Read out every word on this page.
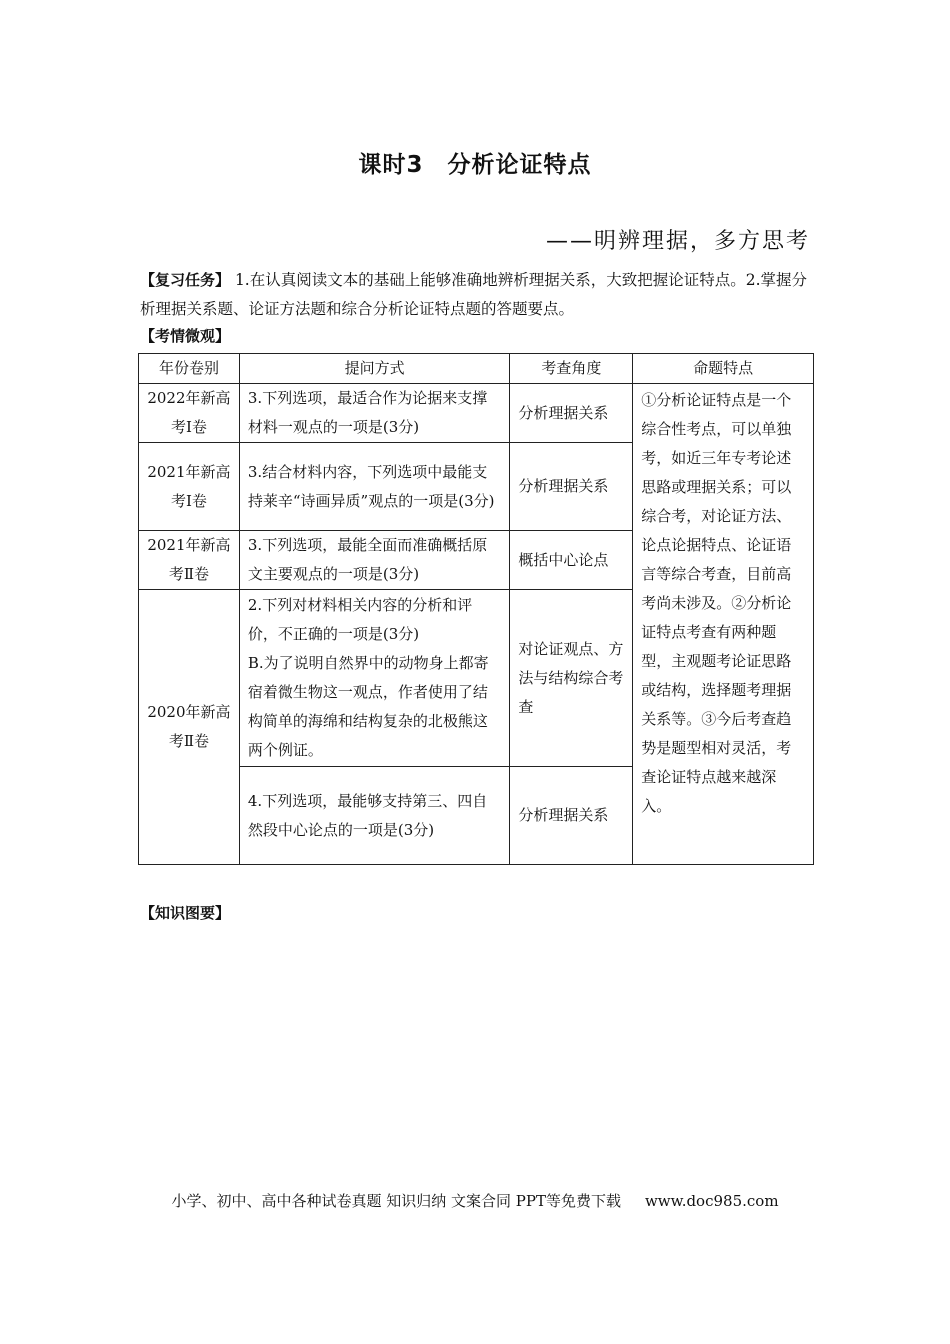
课时3　分析论证特点
——明辨理据，多方思考
【复习任务】 1.在认真阅读文本的基础上能够准确地辨析理据关系，大致把握论证特点。2.掌握分析理据关系题、论证方法题和综合分析论证特点题的答题要点。
【考情微观】
年份卷别	提问方式	考查角度	命题特点
2022年新高考Ⅰ卷	3.下列选项，最适合作为论据来支撑材料一观点的一项是(3分)	分析理据关系	①分析论证特点是一个综合性考点，可以单独考，如近三年专考论述思路或理据关系；可以综合考，对论证方法、论点论据特点、论证语言等综合考查，目前高考尚未涉及。②分析论证特点考查有两种题型，主观题考论证思路或结构，选择题考理据关系等。③今后考查趋势是题型相对灵活，考查论证特点越来越深入。
2021年新高考Ⅰ卷	3.结合材料内容，下列选项中最能支持莱辛“诗画异质”观点的一项是(3分)	分析理据关系	
2021年新高考Ⅱ卷	3.下列选项，最能全面而准确概括原文主要观点的一项是(3分)	概括中心论点	
2020年新高考Ⅱ卷	2.下列对材料相关内容的分析和评价，不正确的一项是(3分)
B.为了说明自然界中的动物身上都寄宿着微生物这一观点，作者使用了结构简单的海绵和结构复杂的北极熊这两个例证。	对论证观点、方法与结构综合考查	
	4.下列选项，最能够支持第三、四自然段中心论点的一项是(3分)	分析理据关系	
【知识图要】
小学、初中、高中各种试卷真题 知识归纳 文案合同 PPT等免费下载 www.doc985.com
